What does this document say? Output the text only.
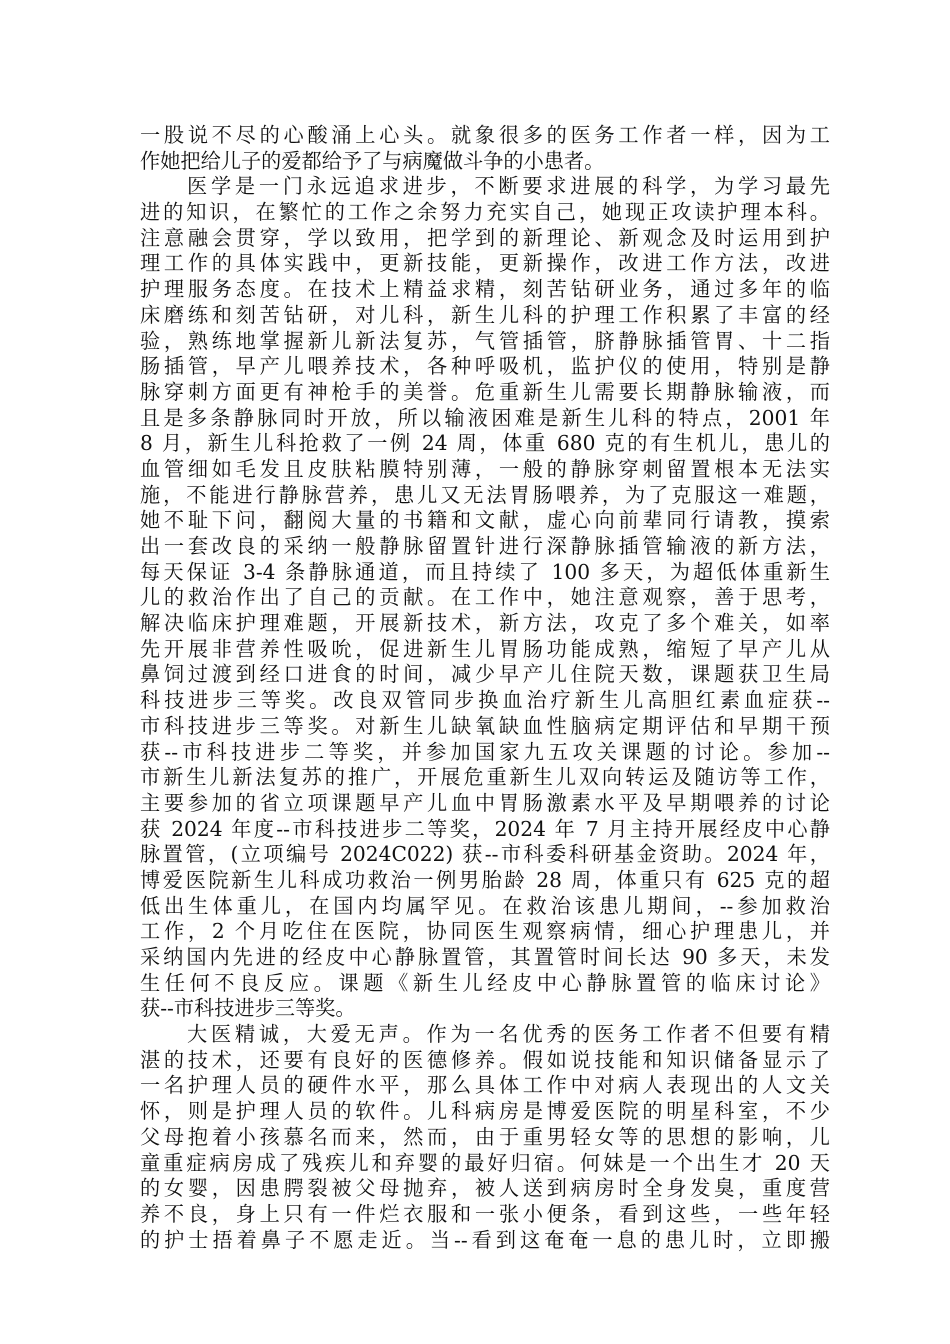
一股说不尽的心酸涌上心头。就象很多的医务工作者一样，因为工
作她把给儿子的爱都给予了与病魔做斗争的小患者。
医学是一门永远追求进步，不断要求进展的科学，为学习最先
进的知识，在繁忙的工作之余努力充实自己，她现正攻读护理本科。
注意融会贯穿，学以致用，把学到的新理论、新观念及时运用到护
理工作的具体实践中，更新技能，更新操作，改进工作方法，改进
护理服务态度。在技术上精益求精，刻苦钻研业务，通过多年的临
床磨练和刻苦钻研，对儿科，新生儿科的护理工作积累了丰富的经
验，熟练地掌握新儿新法复苏，气管插管，脐静脉插管胃、十二指
肠插管，早产儿喂养技术，各种呼吸机，监护仪的使用，特别是静
脉穿刺方面更有神枪手的美誉。危重新生儿需要长期静脉输液，而
且是多条静脉同时开放，所以输液困难是新生儿科的特点，2001 年
8 月，新生儿科抢救了一例 24 周，体重 680 克的有生机儿，患儿的
血管细如毛发且皮肤粘膜特别薄，一般的静脉穿刺留置根本无法实
施，不能进行静脉营养，患儿又无法胃肠喂养，为了克服这一难题，
她不耻下问，翻阅大量的书籍和文献，虚心向前辈同行请教，摸索
出一套改良的采纳一般静脉留置针进行深静脉插管输液的新方法，
每天保证 3-4 条静脉通道，而且持续了 100 多天，为超低体重新生
儿的救治作出了自己的贡献。在工作中，她注意观察，善于思考，
解决临床护理难题，开展新技术，新方法，攻克了多个难关，如率
先开展非营养性吸吮，促进新生儿胃肠功能成熟，缩短了早产儿从
鼻饲过渡到经口进食的时间，减少早产儿住院天数，课题获卫生局
科技进步三等奖。改良双管同步换血治疗新生儿高胆红素血症获--
市科技进步三等奖。对新生儿缺氧缺血性脑病定期评估和早期干预
获--市科技进步二等奖，并参加国家九五攻关课题的讨论。参加--
市新生儿新法复苏的推广，开展危重新生儿双向转运及随访等工作，
主要参加的省立项课题早产儿血中胃肠激素水平及早期喂养的讨论
获 2024 年度--市科技进步二等奖，2024 年 7 月主持开展经皮中心静
脉置管，(立项编号 2024C022) 获--市科委科研基金资助。2024 年，
博爱医院新生儿科成功救治一例男胎龄 28 周，体重只有 625 克的超
低出生体重儿，在国内均属罕见。在救治该患儿期间，--参加救治
工作，2 个月吃住在医院，协同医生观察病情，细心护理患儿，并
采纳国内先进的经皮中心静脉置管，其置管时间长达 90 多天，未发
生任何不良反应。课题《新生儿经皮中心静脉置管的临床讨论》
获--市科技进步三等奖。
大医精诚，大爱无声。作为一名优秀的医务工作者不但要有精
湛的技术，还要有良好的医德修养。假如说技能和知识储备显示了
一名护理人员的硬件水平，那么具体工作中对病人表现出的人文关
怀，则是护理人员的软件。儿科病房是博爱医院的明星科室，不少
父母抱着小孩慕名而来，然而，由于重男轻女等的思想的影响，儿
童重症病房成了残疾儿和弃婴的最好归宿。何妹是一个出生才 20 天
的女婴，因患腭裂被父母抛弃，被人送到病房时全身发臭，重度营
养不良，身上只有一件烂衣服和一张小便条，看到这些，一些年轻
的护士捂着鼻子不愿走近。当--看到这奄奄一息的患儿时，立即搬
